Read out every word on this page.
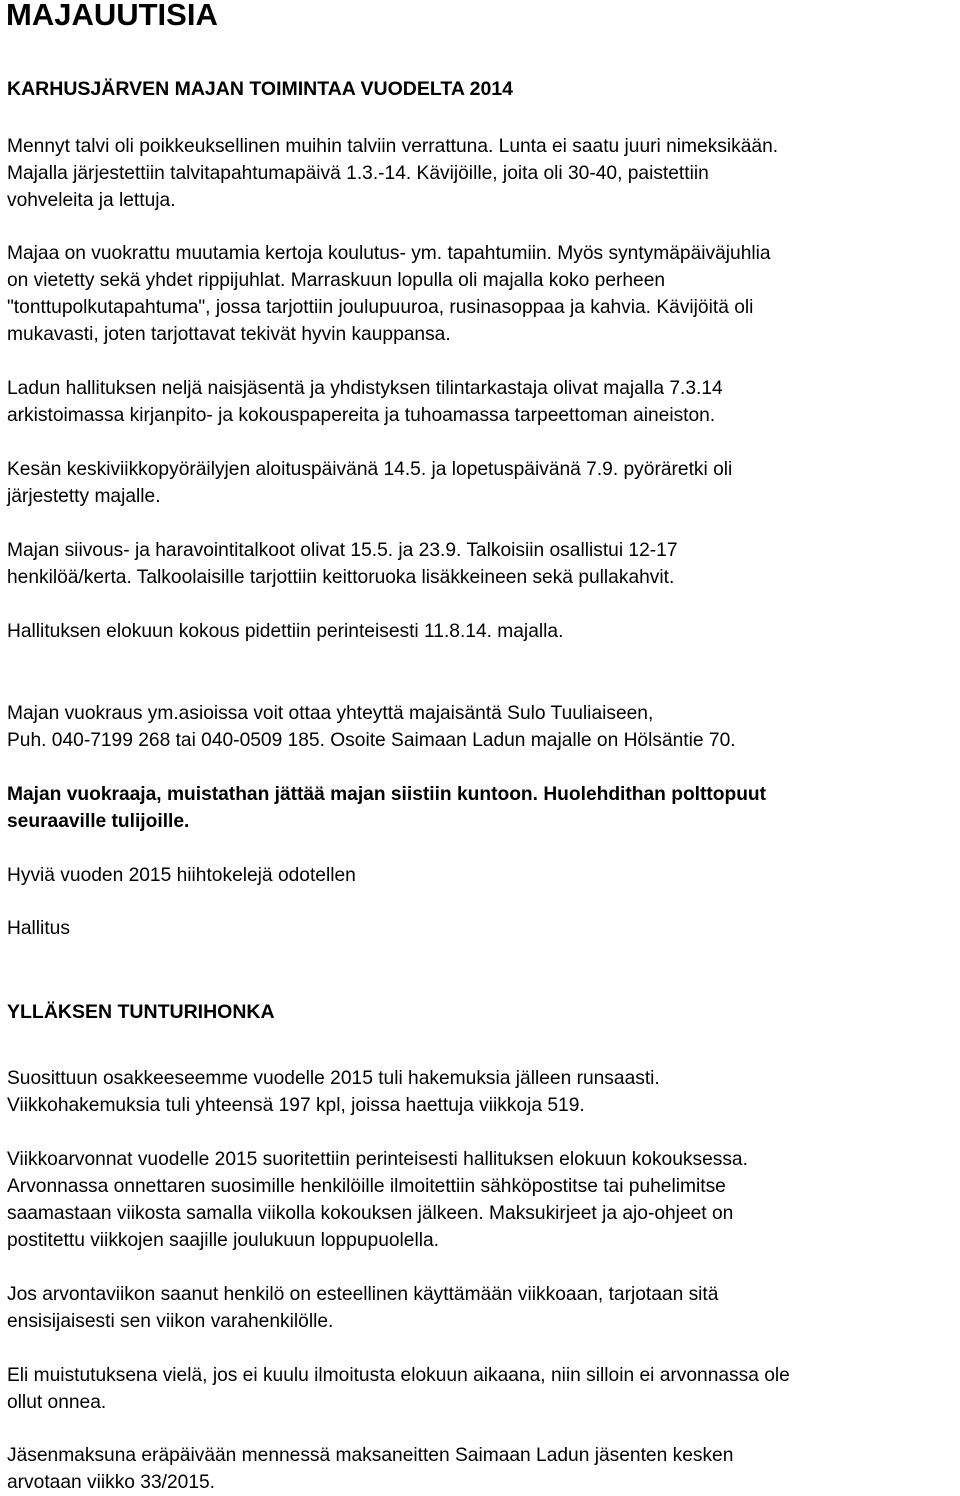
MAJAUUTISIA
KARHUSJÄRVEN MAJAN TOIMINTAA VUODELTA 2014
Mennyt talvi oli poikkeuksellinen muihin talviin verrattuna. Lunta ei saatu juuri nimeksikään.
Majalla järjestettiin talvitapahtumapäivä 1.3.-14. Kävijöille, joita oli 30-40, paistettiin
vohveleita ja lettuja.
Majaa on vuokrattu muutamia kertoja koulutus- ym. tapahtumiin. Myös syntymäpäiväjuhlia
on vietetty sekä yhdet rippijuhlat. Marraskuun lopulla oli majalla koko perheen
"tonttupolkutapahtuma", jossa tarjottiin joulupuuroa, rusinasoppaa ja kahvia. Kävijöitä oli
mukavasti, joten tarjottavat tekivät hyvin kauppansa.
Ladun hallituksen neljä naisjäsentä ja yhdistyksen tilintarkastaja olivat majalla 7.3.14
arkistoimassa kirjanpito- ja kokouspapereita ja tuhoamassa tarpeettoman aineiston.
Kesän keskiviikkopyöräilyjen aloituspäivänä 14.5. ja lopetuspäivänä 7.9. pyöräretki oli
järjestetty majalle.
Majan siivous- ja haravointitalkoot olivat 15.5. ja 23.9. Talkoisiin osallistui 12-17
henkilöä/kerta. Talkoolaisille tarjottiin keittoruoka lisäkkeineen sekä pullakahvit.
Hallituksen elokuun kokous pidettiin perinteisesti 11.8.14. majalla.
Majan vuokraus ym.asioissa voit ottaa yhteyttä majaisäntä Sulo Tuuliaiseen,
Puh. 040-7199 268 tai 040-0509 185. Osoite Saimaan Ladun majalle on Hölsäntie 70.
Majan vuokraaja, muistathan jättää majan siistiin kuntoon. Huolehdithan polttopuut
seuraaville tulijoille.
Hyviä vuoden 2015 hiihtokelejä odotellen
Hallitus
YLLÄKSEN TUNTURIHONKA
Suosittuun osakkeeseemme vuodelle 2015 tuli hakemuksia jälleen runsaasti.
Viikkohakemuksia tuli yhteensä 197 kpl, joissa haettuja viikkoja 519.
Viikkoarvonnat vuodelle 2015 suoritettiin perinteisesti hallituksen elokuun kokouksessa.
Arvonnassa onnettaren suosimille henkilöille ilmoitettiin sähköpostitse tai puhelimitse
saamastaan viikosta samalla viikolla kokouksen jälkeen. Maksukirjeet ja ajo-ohjeet on
postitettu viikkojen saajille joulukuun loppupuolella.
Jos arvontaviikon saanut henkilö on esteellinen käyttämään viikkoaan, tarjotaan sitä
ensisijaisesti sen viikon varahenkilölle.
Eli muistutuksena vielä, jos ei kuulu ilmoitusta elokuun aikaana, niin silloin ei arvonnassa ole
ollut onnea.
Jäsenmaksuna eräpäivään mennessä maksaneitten Saimaan Ladun jäsenten kesken
arvotaan viikko 33/2015.
